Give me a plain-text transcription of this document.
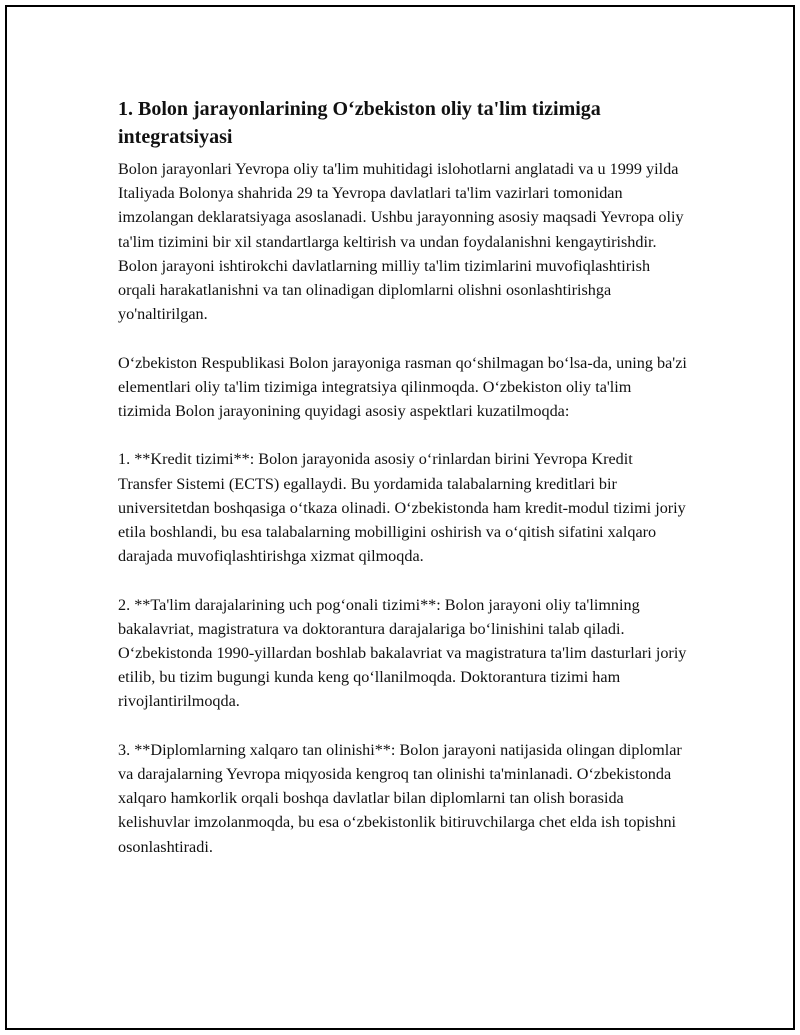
1. Bolon jarayonlarining O‘zbekiston oliy ta'lim tizimiga integratsiyasi

Bolon jarayonlari Yevropa oliy ta'lim muhitidagi islohotlarni anglatadi va u 1999 yilda Italiyada Bolonya shahrida 29 ta Yevropa davlatlari ta'lim vazirlari tomonidan imzolangan deklaratsiyaga asoslanadi. Ushbu jarayonning asosiy maqsadi Yevropa oliy ta'lim tizimini bir xil standartlarga keltirish va undan foydalanishni kengaytirishdir. Bolon jarayoni ishtirokchi davlatlarning milliy ta'lim tizimlarini muvofiqlashtirish orqali harakatlanishni va tan olinadigan diplomlarni olishni osonlashtirishga yo'naltirilgan.

O‘zbekiston Respublikasi Bolon jarayoniga rasman qo‘shilmagan bo‘lsa-da, uning ba'zi elementlari oliy ta'lim tizimiga integratsiya qilinmoqda. O‘zbekiston oliy ta'lim tizimida Bolon jarayonining quyidagi asosiy aspektlari kuzatilmoqda:

1. **Kredit tizimi**: Bolon jarayonida asosiy o‘rinlardan birini Yevropa Kredit Transfer Sistemi (ECTS) egallaydi. Bu yordamida talabalarning kreditlari bir universitetdan boshqasiga o‘tkaza olinadi. O‘zbekistonda ham kredit-modul tizimi joriy etila boshlandi, bu esa talabalarning mobilligini oshirish va o‘qitish sifatini xalqaro darajada muvofiqlashtirishga xizmat qilmoqda.

2. **Ta'lim darajalarining uch pog‘onali tizimi**: Bolon jarayoni oliy ta'limning bakalavriat, magistratura va doktorantura darajalariga bo‘linishini talab qiladi. O‘zbekistonda 1990-yillardan boshlab bakalavriat va magistratura ta'lim dasturlari joriy etilib, bu tizim bugungi kunda keng qo‘llanilmoqda. Doktorantura tizimi ham rivojlantirilmoqda.

3. **Diplomlarning xalqaro tan olinishi**: Bolon jarayoni natijasida olingan diplomlar va darajalarning Yevropa miqyosida kengroq tan olinishi ta'minlanadi. O‘zbekistonda xalqaro hamkorlik orqali boshqa davlatlar bilan diplomlarni tan olish borasida kelishuvlar imzolanmoqda, bu esa o‘zbekistonlik bitiruvchilarga chet elda ish topishni osonlashtiradi.
